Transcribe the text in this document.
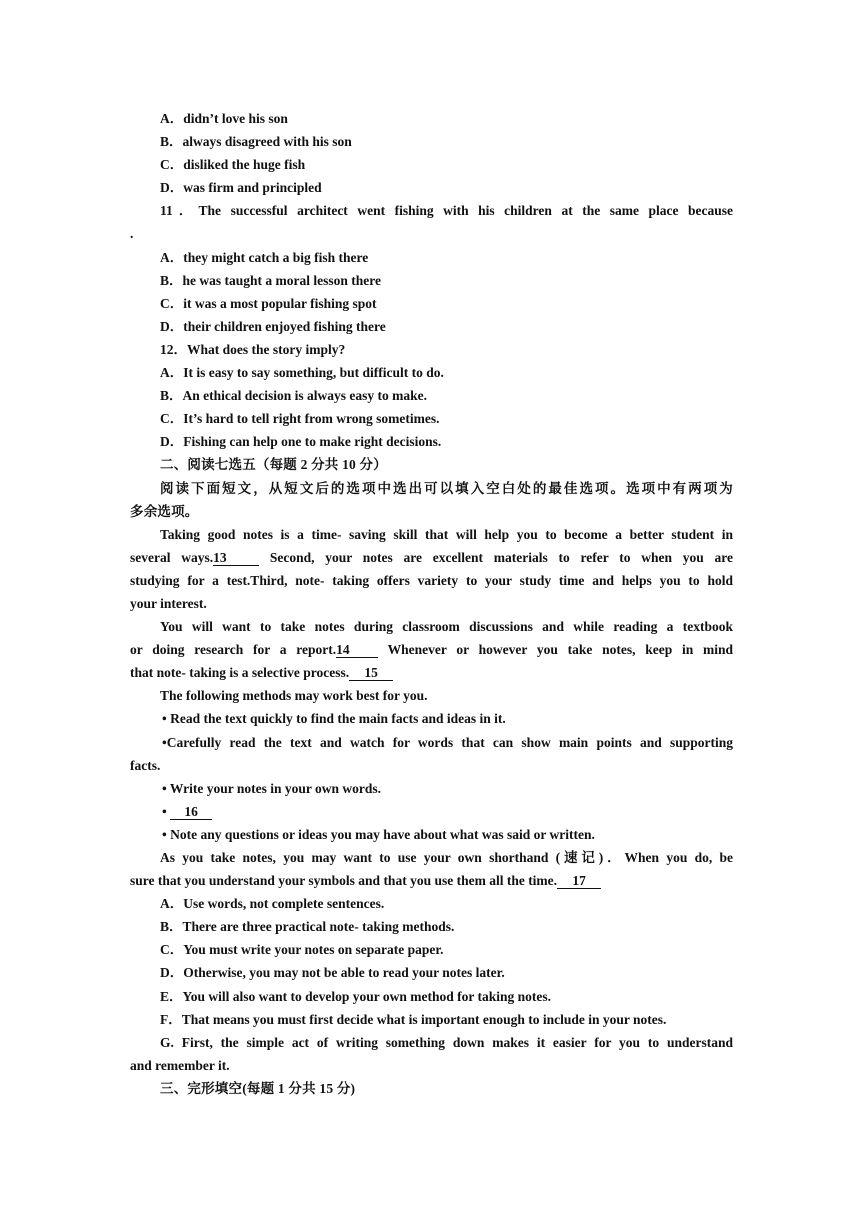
A．didn’t love his son
B．always disagreed with his son
C．disliked the huge fish
D．was firm and principled
11．The successful architect went fishing with his children at the same place because
.
A．they might catch a big fish there
B．he was taught a moral lesson there
C．it was a most popular fishing spot
D．their children enjoyed fishing there
12．What does the story imply?
A．It is easy to say something, but difficult to do.
B．An ethical decision is always easy to make.
C．It’s hard to tell right from wrong sometimes.
D．Fishing can help one to make right decisions.
二、阅读七选五（每题 2 分共 10 分）
阅读下面短文，从短文后的选项中选出可以填入空白处的最佳选项。选项中有两项为
多余选项。
Taking good notes is a time- saving skill that will help you to become a better student in
several ways.13 Second, your notes are excellent materials to refer to when you are
studying for a test.Third, note- taking offers variety to your study time and helps you to hold
your interest.
You will want to take notes during classroom discussions and while reading a textbook
or doing research for a report.14 Whenever or however you take notes, keep in mind
that note- taking is a selective process. 15
The following methods may work best for you.
• Read the text quickly to find the main facts and ideas in it.
•Carefully read the text and watch for words that can show main points and supporting
facts.
• Write your notes in your own words.
• 16
• Note any questions or ideas you may have about what was said or written.
As you take notes, you may want to use your own shorthand (速记)．When you do, be
sure that you understand your symbols and that you use them all the time. 17
A．Use words, not complete sentences.
B．There are three practical note- taking methods.
C．You must write your notes on separate paper.
D．Otherwise, you may not be able to read your notes later.
E．You will also want to develop your own method for taking notes.
F．That means you must first decide what is important enough to include in your notes.
G. First, the simple act of writing something down makes it easier for you to understand
and remember it.
三、完形填空(每题 1 分共 15 分)
